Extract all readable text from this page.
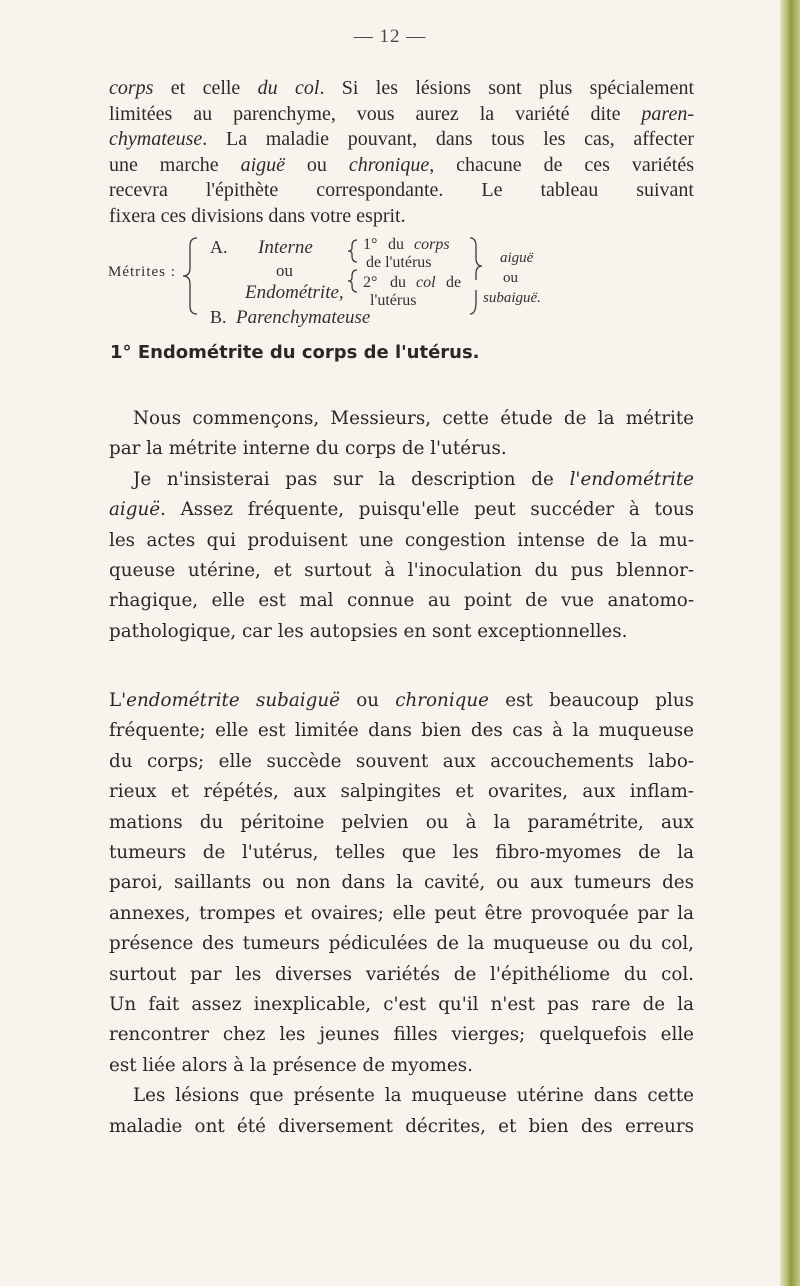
— 12 —
corps et celle du col. Si les lésions sont plus spécialement
limitées au parenchyme, vous aurez la variété dite paren-
chymateuse. La maladie pouvant, dans tous les cas, affecter
une marche aiguë ou chronique, chacune de ces variétés
recevra l'épithète correspondante. Le tableau suivant
fixera ces divisions dans votre esprit.
Métrites :
A. Interne
ou
Endométrite,
B. Parenchymateuse
1° du corps
de l'utérus
2° du col de
l'utérus
aiguë
ou
subaiguë.
1° Endométrite du corps de l'utérus.
Nous commençons, Messieurs, cette étude de la métrite
par la métrite interne du corps de l'utérus.
Je n'insisterai pas sur la description de l'endométrite
aiguë. Assez fréquente, puisqu'elle peut succéder à tous
les actes qui produisent une congestion intense de la mu-
queuse utérine, et surtout à l'inoculation du pus blennor-
rhagique, elle est mal connue au point de vue anatomo-
pathologique, car les autopsies en sont exceptionnelles.
L'endométrite subaiguë ou chronique est beaucoup plus
fréquente; elle est limitée dans bien des cas à la muqueuse
du corps; elle succède souvent aux accouchements labo-
rieux et répétés, aux salpingites et ovarites, aux inflam-
mations du péritoine pelvien ou à la paramétrite, aux
tumeurs de l'utérus, telles que les fibro-myomes de la
paroi, saillants ou non dans la cavité, ou aux tumeurs des
annexes, trompes et ovaires; elle peut être provoquée par la
présence des tumeurs pédiculées de la muqueuse ou du col,
surtout par les diverses variétés de l'épithéliome du col.
Un fait assez inexplicable, c'est qu'il n'est pas rare de la
rencontrer chez les jeunes filles vierges; quelquefois elle
est liée alors à la présence de myomes.
Les lésions que présente la muqueuse utérine dans cette
maladie ont été diversement décrites, et bien des erreurs
